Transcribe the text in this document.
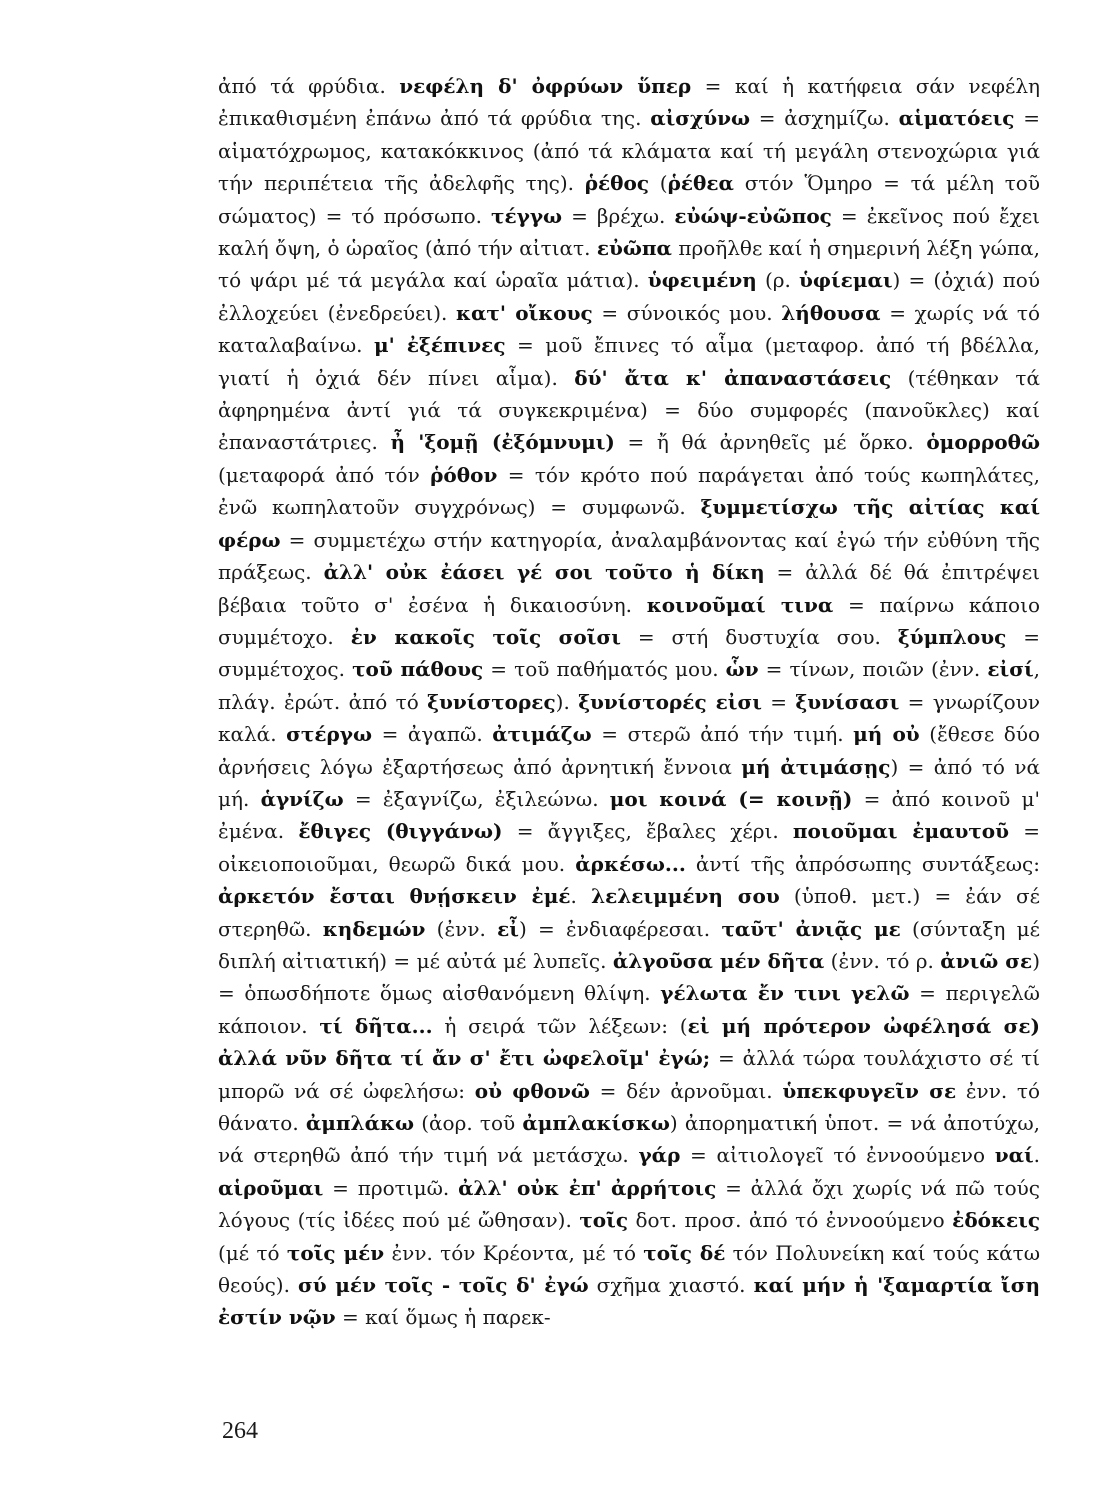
ἀπό τά φρύδια. νεφέλη δ' ὀφρύων ὕπερ = καί ἡ κατήφεια σάν νεφέλη ἐπικαθισμένη ἐπάνω ἀπό τά φρύδια της. αἰσχύνω = ἀσχημίζω. αἱματόεις = αἱματόχρωμος, κατακόκκινος (ἀπό τά κλάματα καί τή μεγάλη στενοχώρια γιά τήν περιπέτεια τῆς ἀδελφῆς της). ῥέθος (ῥέθεα στόν Ὅμηρο = τά μέλη τοῦ σώματος) = τό πρόσωπο. τέγγω = βρέχω. εὐώψ-εὐῶπος = ἐκεῖνος πού ἔχει καλή ὄψη, ὁ ὡραῖος (ἀπό τήν αἰτιατ. εὐῶπα προῆλθε καί ἡ σημερινή λέξη γώπα, τό ψάρι μέ τά μεγάλα καί ὡραῖα μάτια). ὑφειμένη (ρ. ὑφίεμαι) = (ὀχιά) πού ἐλλοχεύει (ἐνεδρεύει). κατ' οἴκους = σύνοικός μου. λήθουσα = χωρίς νά τό καταλαβαίνω. μ' ἐξέπινες = μοῦ ἔπινες τό αἷμα (μεταφορ. ἀπό τή βδέλλα, γιατί ἡ ὀχιά δέν πίνει αἷμα). δύ' ἄτα κ' ἀπαναστάσεις (τέθηκαν τά ἀφηρημένα ἀντί γιά τά συγκεκριμένα) = δύο συμφορές (πανοῦκλες) καί ἐπαναστάτριες. ἦ 'ξομῇ (ἐξόμνυμι) = ἤ θά ἀρνηθεῖς μέ ὅρκο. ὁμορροθῶ (μεταφορά ἀπό τόν ῥόθον = τόν κρότο πού παράγεται ἀπό τούς κωπηλάτες, ἐνῶ κωπηλατοῦν συγχρόνως) = συμφωνῶ. ξυμμετίσχω τῆς αἰτίας καί φέρω = συμμετέχω στήν κατηγορία, ἀναλαμβάνοντας καί ἐγώ τήν εὐθύνη τῆς πράξεως. ἀλλ' οὐκ ἐάσει γέ σοι τοῦτο ἡ δίκη = ἀλλά δέ θά ἐπιτρέψει βέβαια τοῦτο σ' ἐσένα ἡ δικαιοσύνη. κοινοῦμαί τινα = παίρνω κάποιο συμμέτοχο. ἐν κακοῖς τοῖς σοῖσι = στή δυστυχία σου. ξύμπλους = συμμέτοχος. τοῦ πάθους = τοῦ παθήματός μου. ὧν = τίνων, ποιῶν (ἐνν. εἰσί, πλάγ. ἐρώτ. ἀπό τό ξυνίστορες). ξυνίστορές εἰσι = ξυνίσασι = γνωρίζουν καλά. στέργω = ἀγαπῶ. ἀτιμάζω = στερῶ ἀπό τήν τιμή. μή οὐ (ἔθεσε δύο ἀρνήσεις λόγω ἐξαρτήσεως ἀπό ἀρνητική ἔννοια μή ἀτιμάσῃς) = ἀπό τό νά μή. ἁγνίζω = ἐξαγνίζω, ἐξιλεώνω. μοι κοινά (= κοινῇ) = ἀπό κοινοῦ μ' ἐμένα. ἔθιγες (θιγγάνω) = ἄγγιξες, ἔβαλες χέρι. ποιοῦμαι ἐμαυτοῦ = οἰκειοποιοῦμαι, θεωρῶ δικά μου. ἀρκέσω... ἀντί τῆς ἀπρόσωπης συντάξεως: ἀρκετόν ἔσται θνῄσκειν ἐμέ. λελειμμένη σου (ὑποθ. μετ.) = ἐάν σέ στερηθῶ. κηδεμών (ἐνν. εἶ) = ἐνδιαφέρεσαι. ταῦτ' ἀνιᾷς με (σύνταξη μέ διπλή αἰτιατική) = μέ αὐτά μέ λυπεῖς. ἀλγοῦσα μέν δῆτα (ἐνν. τό ρ. ἀνιῶ σε) = ὁπωσδήποτε ὅμως αἰσθανόμενη θλίψη. γέλωτα ἔν τινι γελῶ = περιγελῶ κάποιον. τί δῆτα... ἡ σειρά τῶν λέξεων: (εἰ μή πρότερον ὠφέλησά σε) ἀλλά νῦν δῆτα τί ἄν σ' ἔτι ὠφελοῖμ' ἐγώ; = ἀλλά τώρα τουλάχιστο σέ τί μπορῶ νά σέ ὠφελήσω: οὐ φθονῶ = δέν ἀρνοῦμαι. ὑπεκφυγεῖν σε ἐνν. τό θάνατο. ἀμπλάκω (ἀορ. τοῦ ἀμπλακίσκω) ἀπορηματική ὑποτ. = νά ἀποτύχω, νά στερηθῶ ἀπό τήν τιμή νά μετάσχω. γάρ = αἰτιολογεῖ τό ἐννοούμενο ναί. αἱροῦμαι = προτιμῶ. ἀλλ' οὐκ ἐπ' ἀρρήτοις = ἀλλά ὄχι χωρίς νά πῶ τούς λόγους (τίς ἰδέες πού μέ ὤθησαν). τοῖς δοτ. προσ. ἀπό τό ἐννοούμενο ἐδόκεις (μέ τό τοῖς μέν ἐνν. τόν Κρέοντα, μέ τό τοῖς δέ τόν Πολυνείκη καί τούς κάτω θεούς). σύ μέν τοῖς - τοῖς δ' ἐγώ σχῆμα χιαστό. καί μήν ἡ 'ξαμαρτία ἴση ἐστίν νῷν = καί ὅμως ἡ παρεκ-

264
